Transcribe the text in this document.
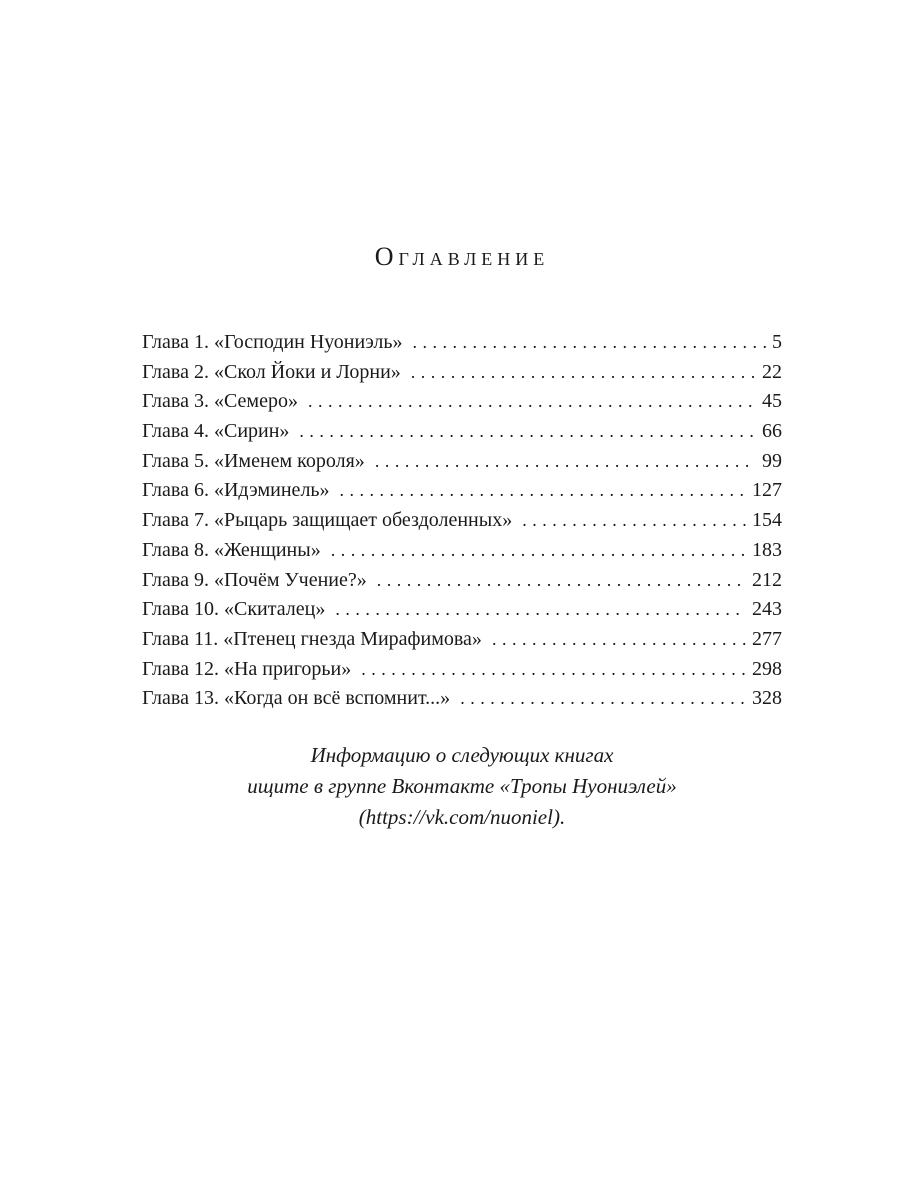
Оглавление
Глава 1. «Господин Нуониэль» . . .	5
Глава 2. «Скол Йоки и Лорни» . . .	22
Глава 3. «Семеро» . . .	45
Глава 4. «Сирин» . . .	66
Глава 5. «Именем короля» . . .	99
Глава 6. «Идэминель» . . .	127
Глава 7. «Рыцарь защищает обездоленных» . . .	154
Глава 8. «Женщины» . . .	183
Глава 9. «Почём Учение?» . . .	212
Глава 10. «Скиталец» . . .	243
Глава 11. «Птенец гнезда Мирафимова» . . .	277
Глава 12. «На пригорьи» . . .	298
Глава 13. «Когда он всё вспомнит...» . . .	328
Информацию о следующих книгах
ищите в группе Вконтакте «Тропы Нуониэлей»
(https://vk.com/nuoniel).
